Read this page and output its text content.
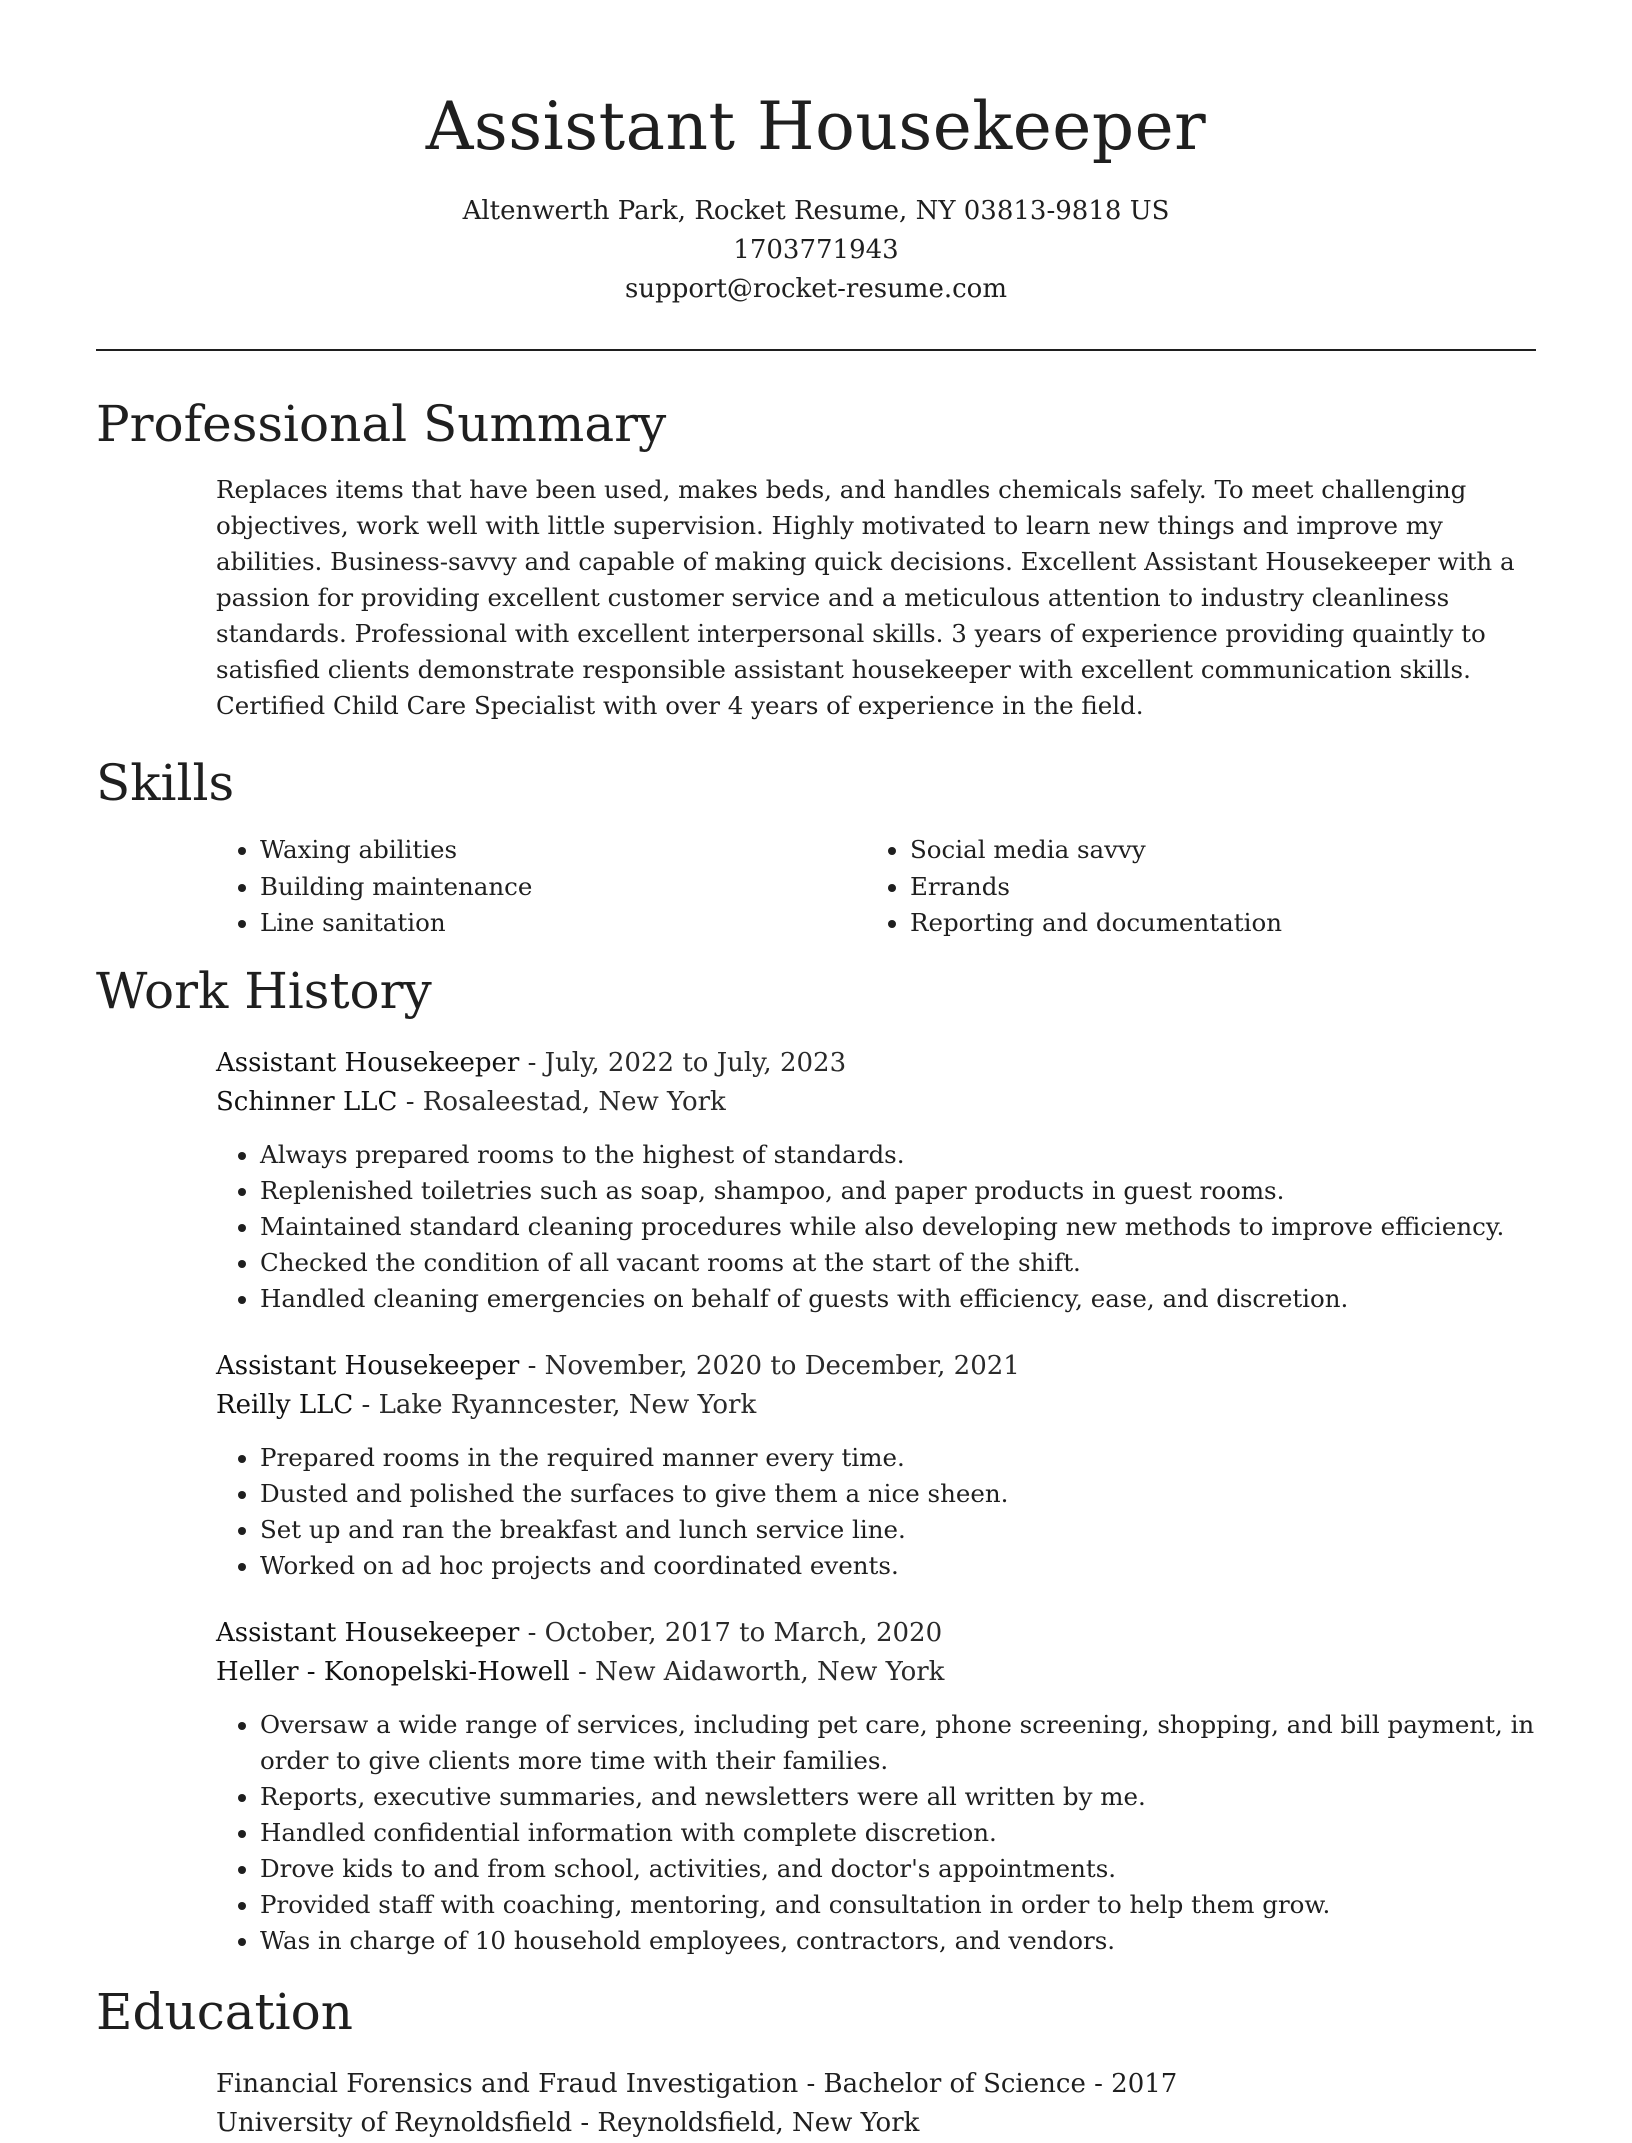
Assistant Housekeeper
Altenwerth Park, Rocket Resume, NY 03813-9818 US
1703771943
support@rocket-resume.com
Professional Summary

Replaces items that have been used, makes beds, and handles chemicals safely. To meet challenging objectives, work well with little supervision. Highly motivated to learn new things and improve my abilities. Business-savvy and capable of making quick decisions. Excellent Assistant Housekeeper with a passion for providing excellent customer service and a meticulous attention to industry cleanliness standards. Professional with excellent interpersonal skills. 3 years of experience providing quaintly to satisfied clients demonstrate responsible assistant housekeeper with excellent communication skills. Certified Child Care Specialist with over 4 years of experience in the field.

Skills
• Waxing abilities
• Building maintenance
• Line sanitation
• Social media savvy
• Errands
• Reporting and documentation
Work History
Assistant Housekeeper - July, 2022 to July, 2023
Schinner LLC - Rosaleestad, New York
• Always prepared rooms to the highest of standards.
• Replenished toiletries such as soap, shampoo, and paper products in guest rooms.
• Maintained standard cleaning procedures while also developing new methods to improve efficiency.
• Checked the condition of all vacant rooms at the start of the shift.
• Handled cleaning emergencies on behalf of guests with efficiency, ease, and discretion.
Assistant Housekeeper - November, 2020 to December, 2021
Reilly LLC - Lake Ryanncester, New York
• Prepared rooms in the required manner every time.
• Dusted and polished the surfaces to give them a nice sheen.
• Set up and ran the breakfast and lunch service line.
• Worked on ad hoc projects and coordinated events.
Assistant Housekeeper - October, 2017 to March, 2020
Heller - Konopelski-Howell - New Aidaworth, New York
• Oversaw a wide range of services, including pet care, phone screening, shopping, and bill payment, in order to give clients more time with their families.
• Reports, executive summaries, and newsletters were all written by me.
• Handled confidential information with complete discretion.
• Drove kids to and from school, activities, and doctor's appointments.
• Provided staff with coaching, mentoring, and consultation in order to help them grow.
• Was in charge of 10 household employees, contractors, and vendors.
Education
Financial Forensics and Fraud Investigation - Bachelor of Science - 2017
University of Reynoldsfield - Reynoldsfield, New York
